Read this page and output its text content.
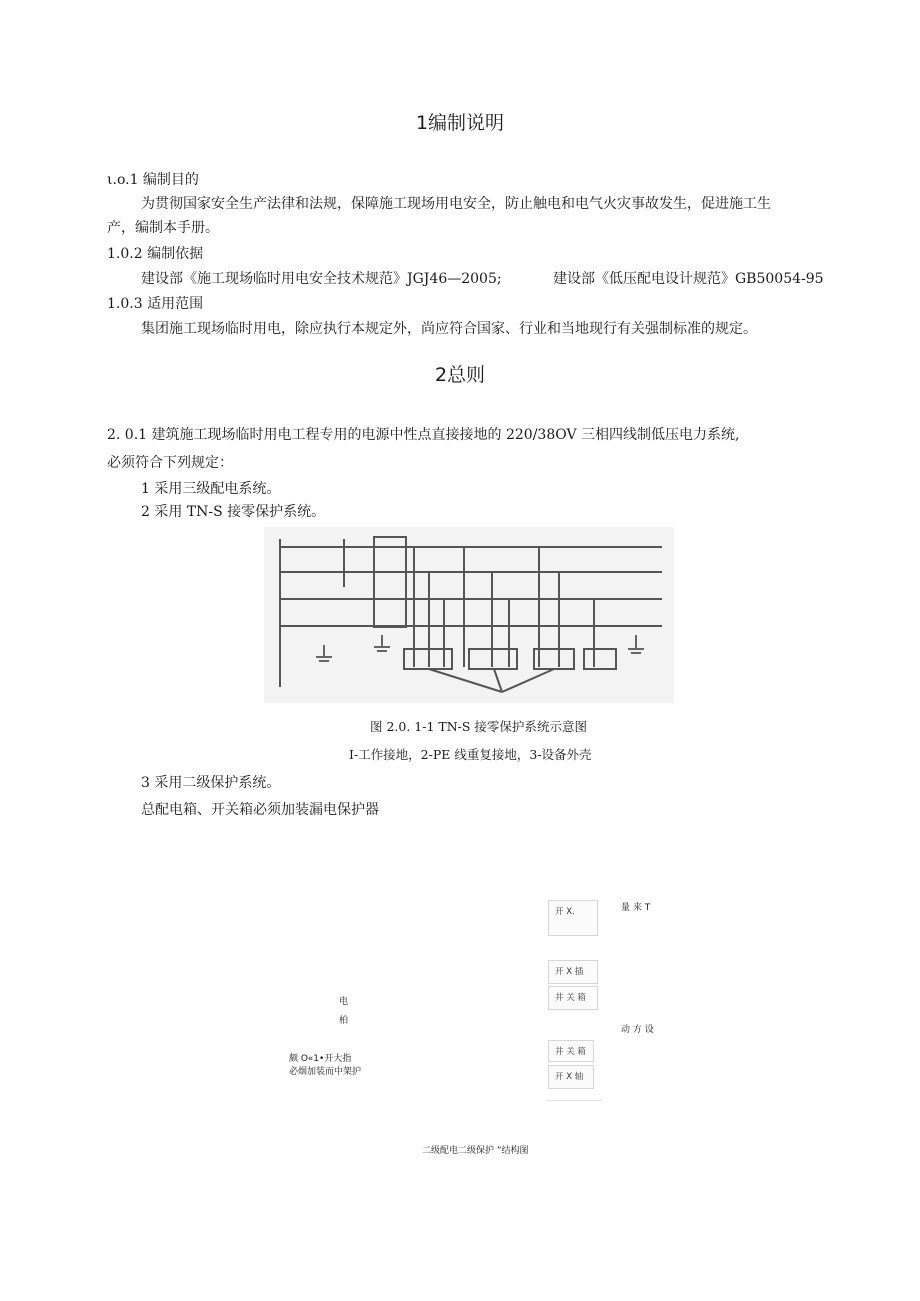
1编制说明
ι.o.1 编制目的
为贯彻国家安全生产法律和法规，保障施工现场用电安全，防止触电和电气火灾事故发生，促进施工生
产，编制本手册。
1.0.2 编制依据
建设部《施工现场临时用电安全技术规范》JGJ46—2005;	建设部《低压配电设计规范》GB50054-95
1.0.3 适用范围
集团施工现场临时用电，除应执行本规定外，尚应符合国家、行业和当地现行有关强制标准的规定。
2总则
2. 0.1 建筑施工现场临时用电工程专用的电源中性点直接接地的 220/38OV 三相四线制低压电力系统,
必须符合下列规定：
1 采用三级配电系统。
2 采用 TN-S 接零保护系统。
图 2.0. 1-1 TN-S 接零保护系统示意图
I-工作接地，2-PE 线重复接地，3-设备外壳
3 采用二级保护系统。
总配电箱、开关箱必须加装漏电保护器
电
柏
颇 O«1•开大指
必烟加装而中架护
开 X.
开 X 插
井 关 箱
井 关 箱
开 X 轴
量 来 T
动 方 设
二级配电二级保护 ”结构图
